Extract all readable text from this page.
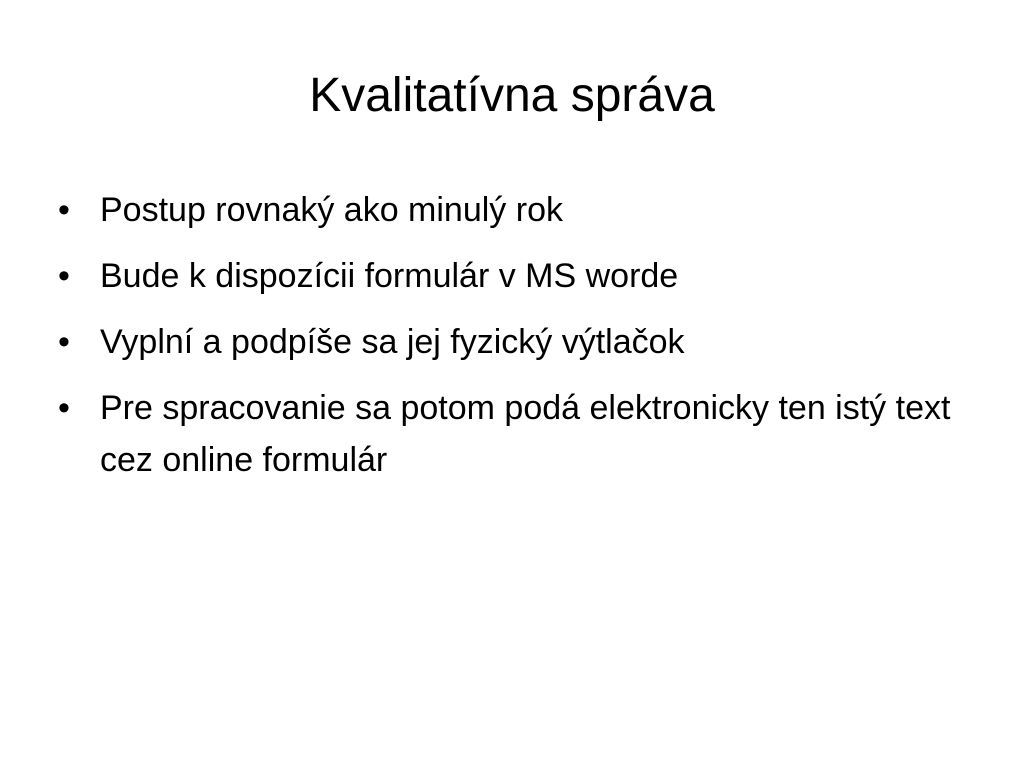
Kvalitatívna správa
• Postup rovnaký ako minulý rok
• Bude k dispozícii formulár v MS worde
• Vyplní a podpíše sa jej fyzický výtlačok
• Pre spracovanie sa potom podá elektronicky ten istý text cez online formulár
